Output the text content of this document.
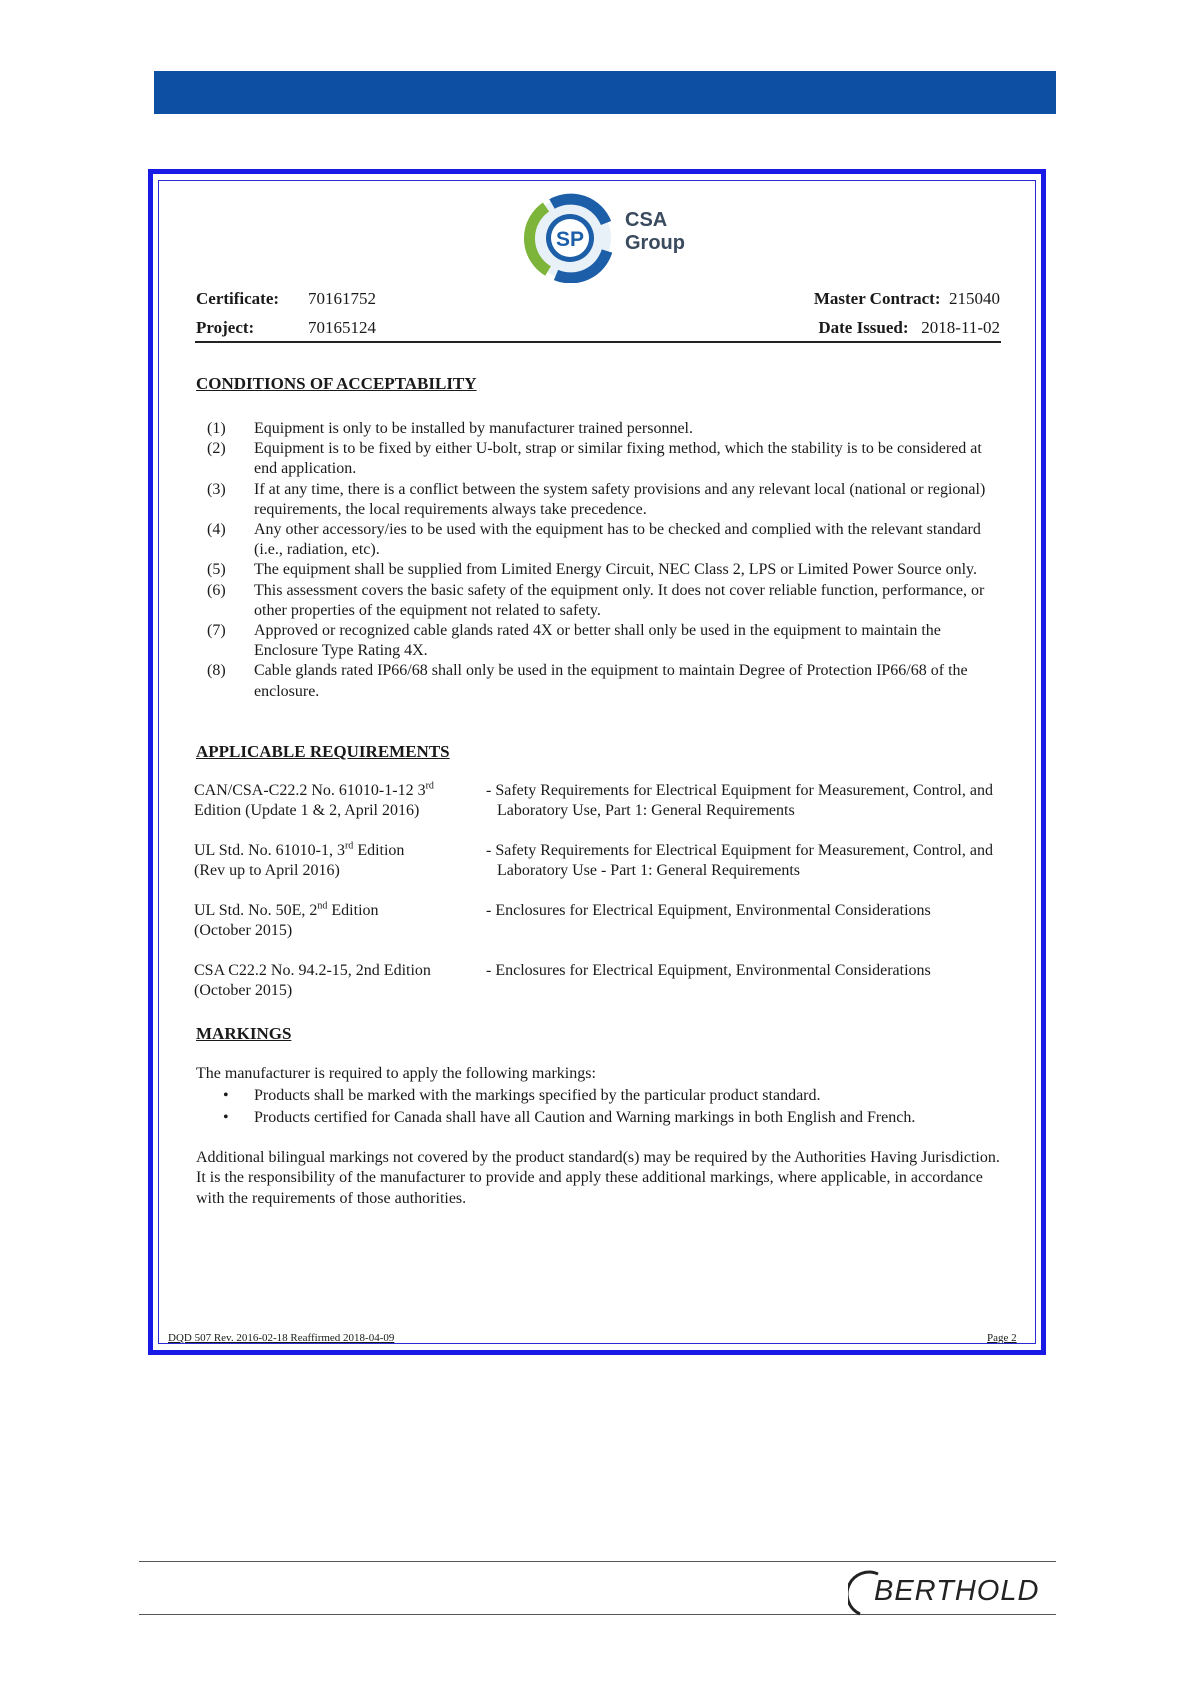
SP
CSA
Group
Certificate: 70161752
Project:	70165124
Master Contract: 215040
Date Issued: 2018-11-02
CONDITIONS OF ACCEPTABILITY
(1)	Equipment is only to be installed by manufacturer trained personnel.
(2)	Equipment is to be fixed by either U-bolt, strap or similar fixing method, which the stability is to be considered at end application.
(3)	If at any time, there is a conflict between the system safety provisions and any relevant local (national or regional) requirements, the local requirements always take precedence.
(4)	Any other accessory/ies to be used with the equipment has to be checked and complied with the relevant standard (i.e., radiation, etc).
(5)	The equipment shall be supplied from Limited Energy Circuit, NEC Class 2, LPS or Limited Power Source only.
(6)	This assessment covers the basic safety of the equipment only. It does not cover reliable function, performance, or other properties of the equipment not related to safety.
(7)	Approved or recognized cable glands rated 4X or better shall only be used in the equipment to maintain the Enclosure Type Rating 4X.
(8)	Cable glands rated IP66/68 shall only be used in the equipment to maintain Degree of Protection IP66/68 of the enclosure.
APPLICABLE REQUIREMENTS
CAN/CSA-C22.2 No. 61010-1-12 3rd
Edition (Update 1 & 2, April 2016)
- Safety Requirements for Electrical Equipment for Measurement, Control, and Laboratory Use, Part 1: General Requirements
UL Std. No. 61010-1, 3rd Edition
(Rev up to April 2016)
- Safety Requirements for Electrical Equipment for Measurement, Control, and Laboratory Use - Part 1: General Requirements
UL Std. No. 50E, 2nd Edition
(October 2015)
- Enclosures for Electrical Equipment, Environmental Considerations
CSA C22.2 No. 94.2-15, 2nd Edition
(October 2015)
- Enclosures for Electrical Equipment, Environmental Considerations
MARKINGS
The manufacturer is required to apply the following markings:
•	Products shall be marked with the markings specified by the particular product standard.
•	Products certified for Canada shall have all Caution and Warning markings in both English and French.
Additional bilingual markings not covered by the product standard(s) may be required by the Authorities Having Jurisdiction. It is the responsibility of the manufacturer to provide and apply these additional markings, where applicable, in accordance with the requirements of those authorities.
DQD 507 Rev. 2016-02-18 Reaffirmed 2018-04-09	Page 2
BERTHOLD
